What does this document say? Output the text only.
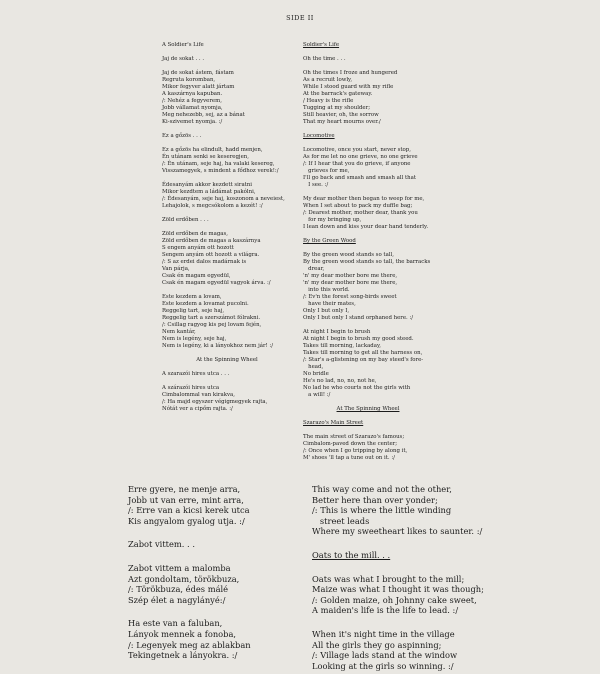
SIDE II
A Soldier's Life
Jaj de sokat . . .
Jaj de sokat ástem, fástam
Regruta koromban,
Mikor fegyver alatt jártam
A kaszárnya kapuban.
/: Nehéz a fegyverem,
Jobb vállamat nyomja,
Meg nehezebb, sej, az a bánat
Ki-szivemet nyomja. :/
Ez a gőzös . . .
Ez a gőzös ha elindult, hadd menjen,
Én utánam senki se keseregjen,
/: Én utánam, seje haj, ha valaki kesereg,
Visszamegyek, s mindent a fődhoz verek!:/
Édesanyám akkor kezdett siratni
Mikor kezdtem a ládámat pakólni,
/: Édesanyám, seje haj, koszonom a neveiest,
Lehajolok, s megcsókolom a kezét! :/
Zöld erdőben . . .
Zöld erdőben de magas,
Zöld erdőben de magas a kaszárnya
S engem anyám ott hozott
Sengem anyám ott hozott a világra.
/: S az erdei dalos madárnak is
Van párja,
Csak én magam egyedül,
Csak én magam egyedül vagyok árva. :/
Este kezdem a lovam,
Este kezdem a lovamat pucolni.
Reggelig tart, seje haj,
Reggelig tart a szerszámot fólrakni.
/: Csillag ragyog kis pej lovam fején,
Nem kantár,
Nem is legény, seje haj,
Nem is legény, ki a lányokhoz nem jár! :/
At the Spinning Wheel
A szarazói hires utca . . .
A szárazói hires utca
Cimbalommal van kirakva,
/: Ha majd egyszer végigmegyek rajta,
Nótát ver a cipőm rajta. :/
Soldier's Life
Oh the time . . .
Oh the times I froze and hungered
As a recruit lowly,
While I stood guard with my rifle
At the barrack's gateway.
/ Heavy is the rifle
Tugging at my shoulder;
Still heavier, oh, the sorrow
That my heart mourns over./
Locomotive
Locomotive, once you start, never stop,
As for me let no one grieve, no one grieve
/: If I hear that you do grieve, if anyone
grieves for me,
I'll go back and smash and smash all that
I see. :/
My dear mother then began to weep for me,
When I set about to pack my duffle bag;
/: Dearest mother, mother dear, thank you
for my bringing up,
I lean down and kiss your dear hand tenderly.
By the Green Wood
By the green wood stands so tall,
By the green wood stands so tall, the barracks
drear,
'n' my dear mother bore me there,
'n' my dear mother bore me there,
into this world.
/: Ev'n the forest song-birds sweet
have their mates,
Only I but only I,
Only I but only I stand orphaned here. :/
At night I begin to brush
At night I begin to brush my good steed.
Takes till morning, lackaday,
Takes till morning to get all the harness on,
/: Star's a-glistening on my bay steed's fore-
head,
No bridle
He's no lad, no, no, not he,
No lad he who courts not the girls with
a will! :/
At The Spinning Wheel
Szarazo's Main Street
The main street of Szarazo's famous;
Cimbalom-paved down the center;
/: Once when I go tripping by along it,
M' shoes 'll tap a tune out on it. :/
Erre gyere, ne menje arra,
Jobb ut van erre, mint arra,
/: Erre van a kicsi kerek utca
Kis angyalom gyalog utja. :/
Zabot vittem. . .
Zabot vittem a malomba
Azt gondoltam, törökbuza,
/: Törökbuza, édes málé
Szép élet a nagylányé:/
Ha este van a faluban,
Lányok mennek a fonoba,
/: Legenyek meg az ablakban
Tekingetnek a lányokra. :/
This way come and not the other,
Better here than over yonder;
/: This is where the little winding
street leads
Where my sweetheart likes to saunter. :/
Oats to the mill. . .
Oats was what I brought to the mill;
Maize was what I thought it was though;
/: Golden maize, oh Johnny cake sweet,
A maiden's life is the life to lead. :/
When it's night time in the village
All the girls they go aspinning;
/: Village lads stand at the window
Looking at the girls so winning. :/
